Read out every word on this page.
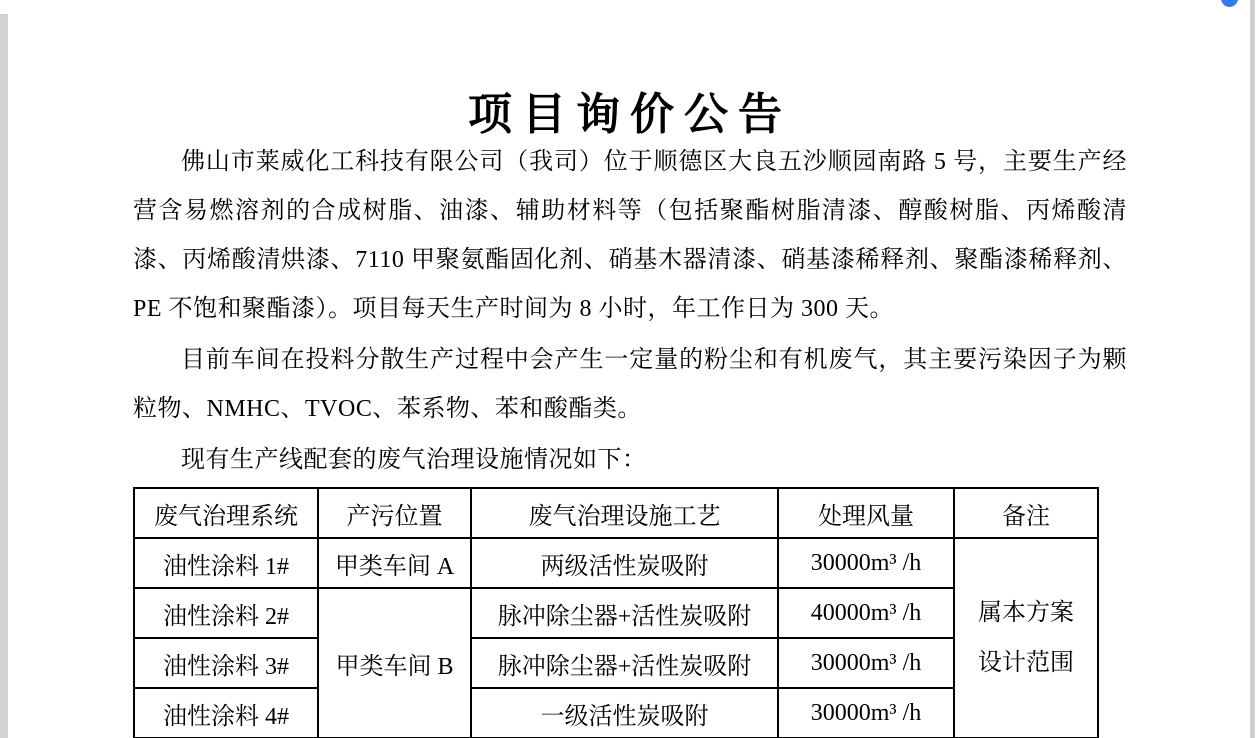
项目询价公告

佛山市莱威化工科技有限公司（我司）位于顺德区大良五沙顺园南路 5 号，主要生产经营含易燃溶剂的合成树脂、油漆、辅助材料等（包括聚酯树脂清漆、醇酸树脂、丙烯酸清漆、丙烯酸清烘漆、7110 甲聚氨酯固化剂、硝基木器清漆、硝基漆稀释剂、聚酯漆稀释剂、PE 不饱和聚酯漆）。项目每天生产时间为 8 小时，年工作日为 300 天。

目前车间在投料分散生产过程中会产生一定量的粉尘和有机废气，其主要污染因子为颗粒物、NMHC、TVOC、苯系物、苯和酸酯类。

现有生产线配套的废气治理设施情况如下：

废气治理系统	产污位置	废气治理设施工艺	处理风量	备注
油性涂料 1#	甲类车间 A	两级活性炭吸附	30000m³ /h	属本方案
设计范围

油性涂料 2#	甲类车间 B	脉冲除尘器+活性炭吸附	40000m³ /h	
油性涂料 3#		脉冲除尘器+活性炭吸附	30000m³ /h	
油性涂料 4#		一级活性炭吸附	30000m³ /h	
